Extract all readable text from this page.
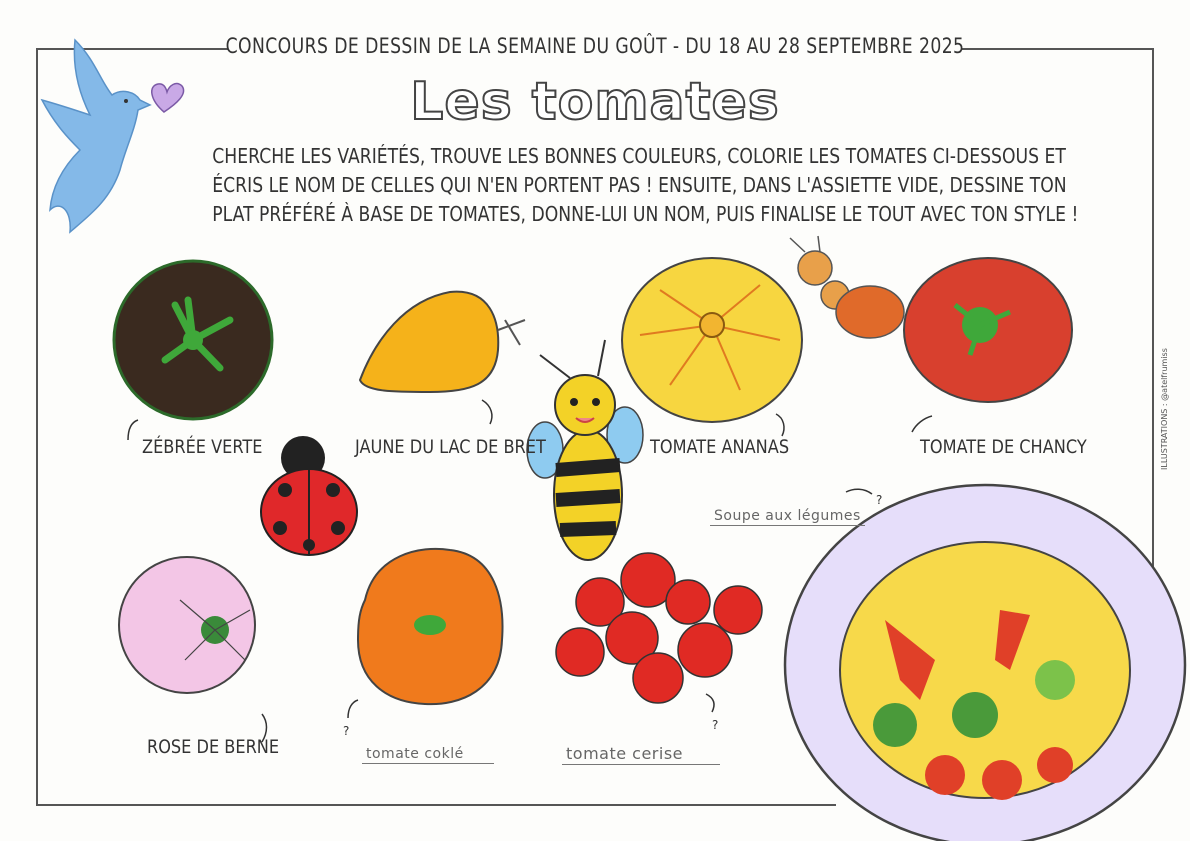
CONCOURS DE DESSIN DE LA SEMAINE DU GOÛT - DU 18 AU 28 SEPTEMBRE 2025
Les tomates
CHERCHE LES VARIÉTÉS, TROUVE LES BONNES COULEURS, COLORIE LES TOMATES CI-DESSOUS ET
ÉCRIS LE NOM DE CELLES QUI N'EN PORTENT PAS ! ENSUITE, DANS L'ASSIETTE VIDE, DESSINE TON
PLAT PRÉFÉRÉ À BASE DE TOMATES, DONNE-LUI UN NOM, PUIS FINALISE LE TOUT AVEC TON STYLE !
ZÉBRÉE VERTE	JAUNE DU LAC DE BRET	TOMATE ANANAS	TOMATE DE CHANCY
ROSE DE BERNE
Soupe aux légumes
tomate coklé	tomate cerise
?	?
?
ILLUSTRATIONS : @atelfrumiss
